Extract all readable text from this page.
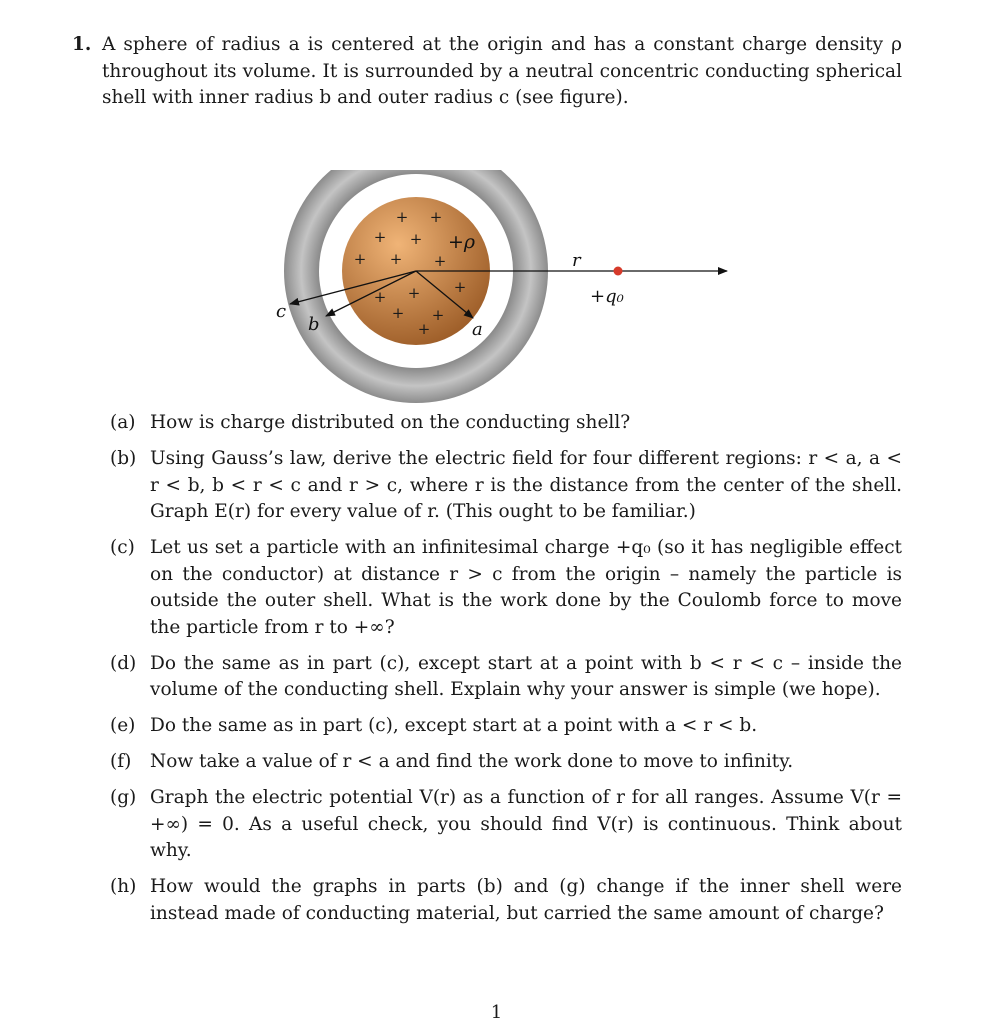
1. A sphere of radius a is centered at the origin and has a constant charge density ρ throughout its volume. It is surrounded by a neutral concentric conducting spherical shell with inner radius b and outer radius c (see figure).
+ +
+ +
+ + +
+ + +
+ +
+
+ρ
r
+q₀
a
b
c
(a) How is charge distributed on the conducting shell?
(b) Using Gauss’s law, derive the electric field for four different regions: r < a, a < r < b, b < r < c and r > c, where r is the distance from the center of the shell. Graph E(r) for every value of r. (This ought to be familiar.)
(c) Let us set a particle with an infinitesimal charge +q₀ (so it has negligible effect on the conductor) at distance r > c from the origin – namely the particle is outside the outer shell. What is the work done by the Coulomb force to move the particle from r to +∞?
(d) Do the same as in part (c), except start at a point with b < r < c – inside the volume of the conducting shell. Explain why your answer is simple (we hope).
(e) Do the same as in part (c), except start at a point with a < r < b.
(f) Now take a value of r < a and find the work done to move to infinity.
(g) Graph the electric potential V(r) as a function of r for all ranges. Assume V(r = +∞) = 0. As a useful check, you should find V(r) is continuous. Think about why.
(h) How would the graphs in parts (b) and (g) change if the inner shell were instead made of conducting material, but carried the same amount of charge?
1
